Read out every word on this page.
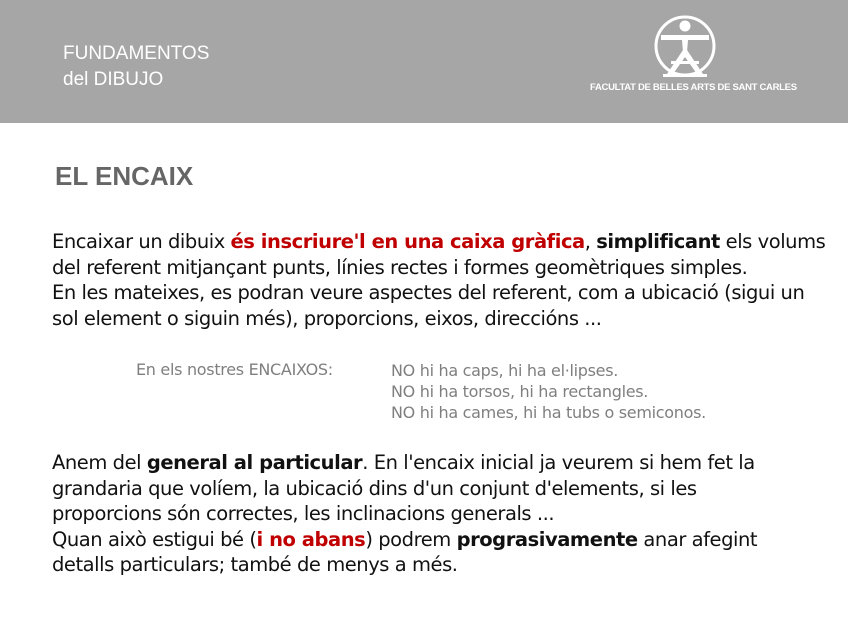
FUNDAMENTOS
del DIBUJO	FACULTAT DE BELLES ARTS DE SANT CARLES
EL ENCAIX
Encaixar un dibuix és inscriure'l en una caixa gràfica, simplificant els volums
del referent mitjançant punts, línies rectes i formes geomètriques simples.
En les mateixes, es podran veure aspectes del referent, com a ubicació (sigui un
sol element o siguin més), proporcions, eixos, direccións ...
En els nostres ENCAIXOS:	NO hi ha caps, hi ha el·lipses.
NO hi ha torsos, hi ha rectangles.
NO hi ha cames, hi ha tubs o semiconos.
Anem del general al particular. En l'encaix inicial ja veurem si hem fet la
grandaria que volíem, la ubicació dins d'un conjunt d'elements, si les
proporcions són correctes, les inclinacions generals ...
Quan això estigui bé (i no abans) podrem prograsivamente anar afegint
detalls particulars; també de menys a més.
